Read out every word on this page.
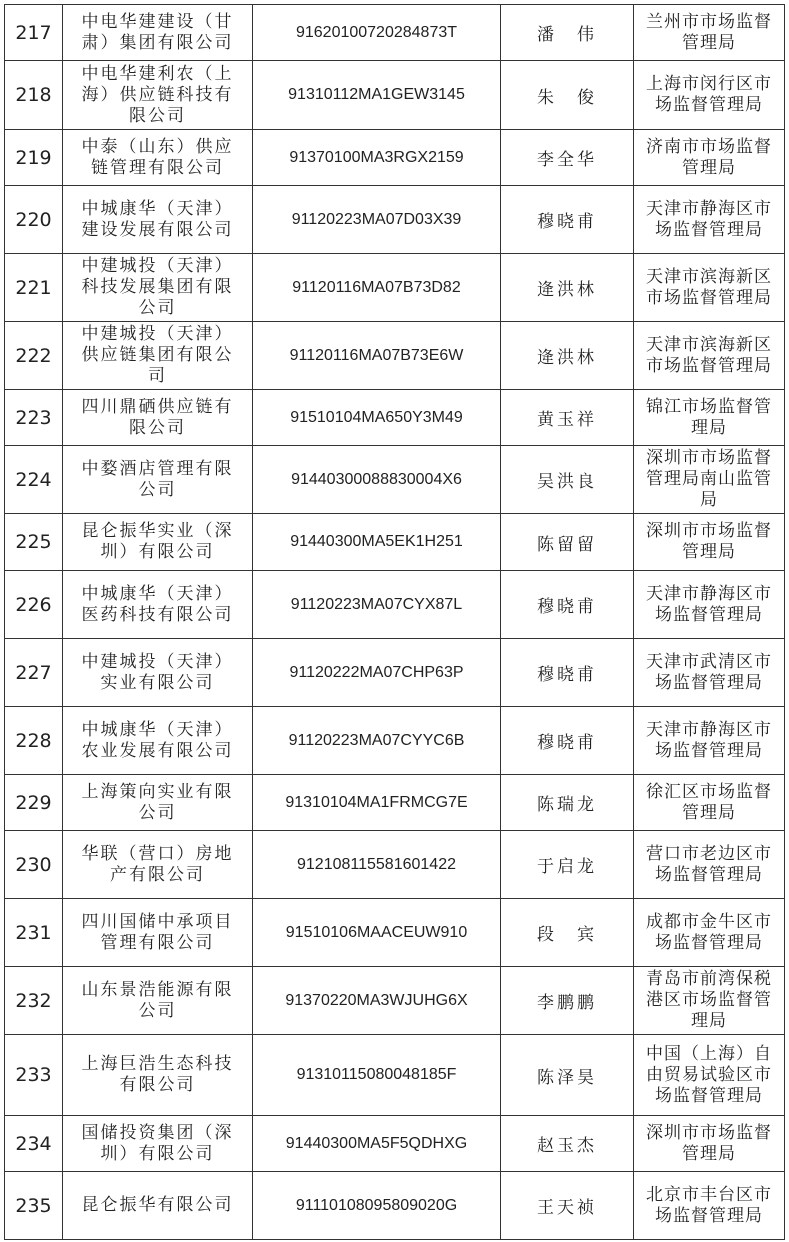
217	中电华建建设（甘肃）集团有限公司	91620100720284873T	潘　伟	兰州市市场监督管理局
218	中电华建利农（上海）供应链科技有限公司	91310112MA1GEW3145	朱　俊	上海市闵行区市场监督管理局
219	中泰（山东）供应链管理有限公司	91370100MA3RGX2159	李全华	济南市市场监督管理局
220	中城康华（天津）建设发展有限公司	91120223MA07D03X39	穆晓甫	天津市静海区市场监督管理局
221	中建城投（天津）科技发展集团有限公司	91120116MA07B73D82	逄洪林	天津市滨海新区市场监督管理局
222	中建城投（天津）供应链集团有限公司	91120116MA07B73E6W	逄洪林	天津市滨海新区市场监督管理局
223	四川鼎硒供应链有限公司	91510104MA650Y3M49	黄玉祥	锦江市场监督管理局
224	中婺酒店管理有限公司	91440300088830004X6	吴洪良	深圳市市场监督管理局南山监管局
225	昆仑振华实业（深圳）有限公司	91440300MA5EK1H251	陈留留	深圳市市场监督管理局
226	中城康华（天津）医药科技有限公司	91120223MA07CYX87L	穆晓甫	天津市静海区市场监督管理局
227	中建城投（天津）实业有限公司	91120222MA07CHP63P	穆晓甫	天津市武清区市场监督管理局
228	中城康华（天津）农业发展有限公司	91120223MA07CYYC6B	穆晓甫	天津市静海区市场监督管理局
229	上海策向实业有限公司	91310104MA1FRMCG7E	陈瑞龙	徐汇区市场监督管理局
230	华联（营口）房地产有限公司	91210811558160142​2	于启龙	营口市老边区市场监督管理局
231	四川国储中承项目管理有限公司	91510106MAACEUW910	段　宾	成都市金牛区市场监督管理局
232	山东景浩能源有限公司	91370220MA3WJUHG6X	李鹏鹏	青岛市前湾保税港区市场监督管理局
233	上海巨浩生态科技有限公司	91310115080048185F	陈泽昊	中国（上海）自由贸易试验区市场监督管理局
234	国储投资集团（深圳）有限公司	91440300MA5F5QDHXG	赵玉杰	深圳市市场监督管理局
235	昆仑振华有限公司	91110108095809020G	王天祯	北京市丰台区市场监督管理局
